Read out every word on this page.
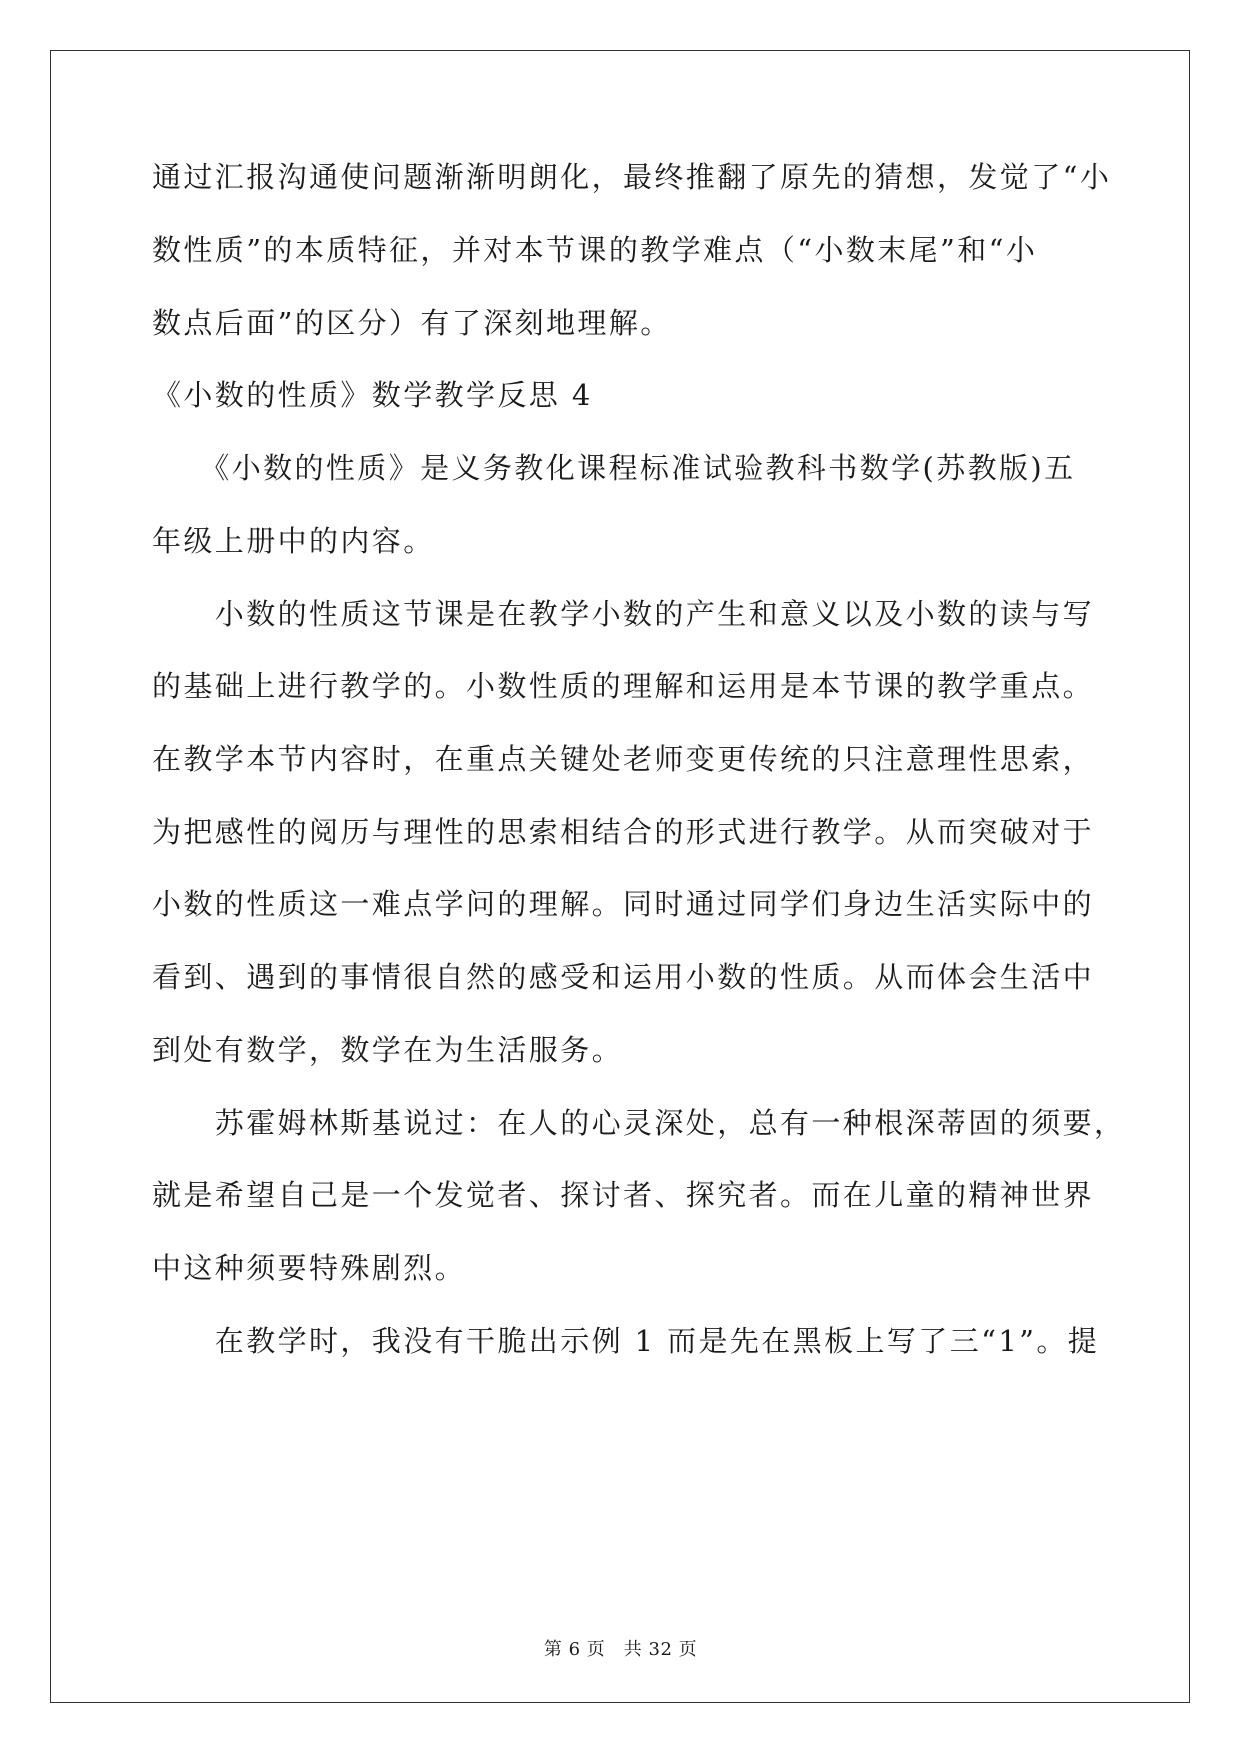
通过汇报沟通使问题渐渐明朗化，最终推翻了原先的猜想，发觉了“小
数性质”的本质特征，并对本节课的教学难点（“小数末尾”和“小
数点后面”的区分）有了深刻地理解。
《小数的性质》数学教学反思 4
　　《小数的性质》是义务教化课程标准试验教科书数学(苏教版)五
年级上册中的内容。
　　小数的性质这节课是在教学小数的产生和意义以及小数的读与写
的基础上进行教学的。小数性质的理解和运用是本节课的教学重点。
在教学本节内容时，在重点关键处老师变更传统的只注意理性思索，
为把感性的阅历与理性的思索相结合的形式进行教学。从而突破对于
小数的性质这一难点学问的理解。同时通过同学们身边生活实际中的
看到、遇到的事情很自然的感受和运用小数的性质。从而体会生活中
到处有数学，数学在为生活服务。
　　苏霍姆林斯基说过：在人的心灵深处，总有一种根深蒂固的须要，
就是希望自己是一个发觉者、探讨者、探究者。而在儿童的精神世界
中这种须要特殊剧烈。
　　在教学时，我没有干脆出示例 1 而是先在黑板上写了三“1”。提
第 6 页　共 32 页
